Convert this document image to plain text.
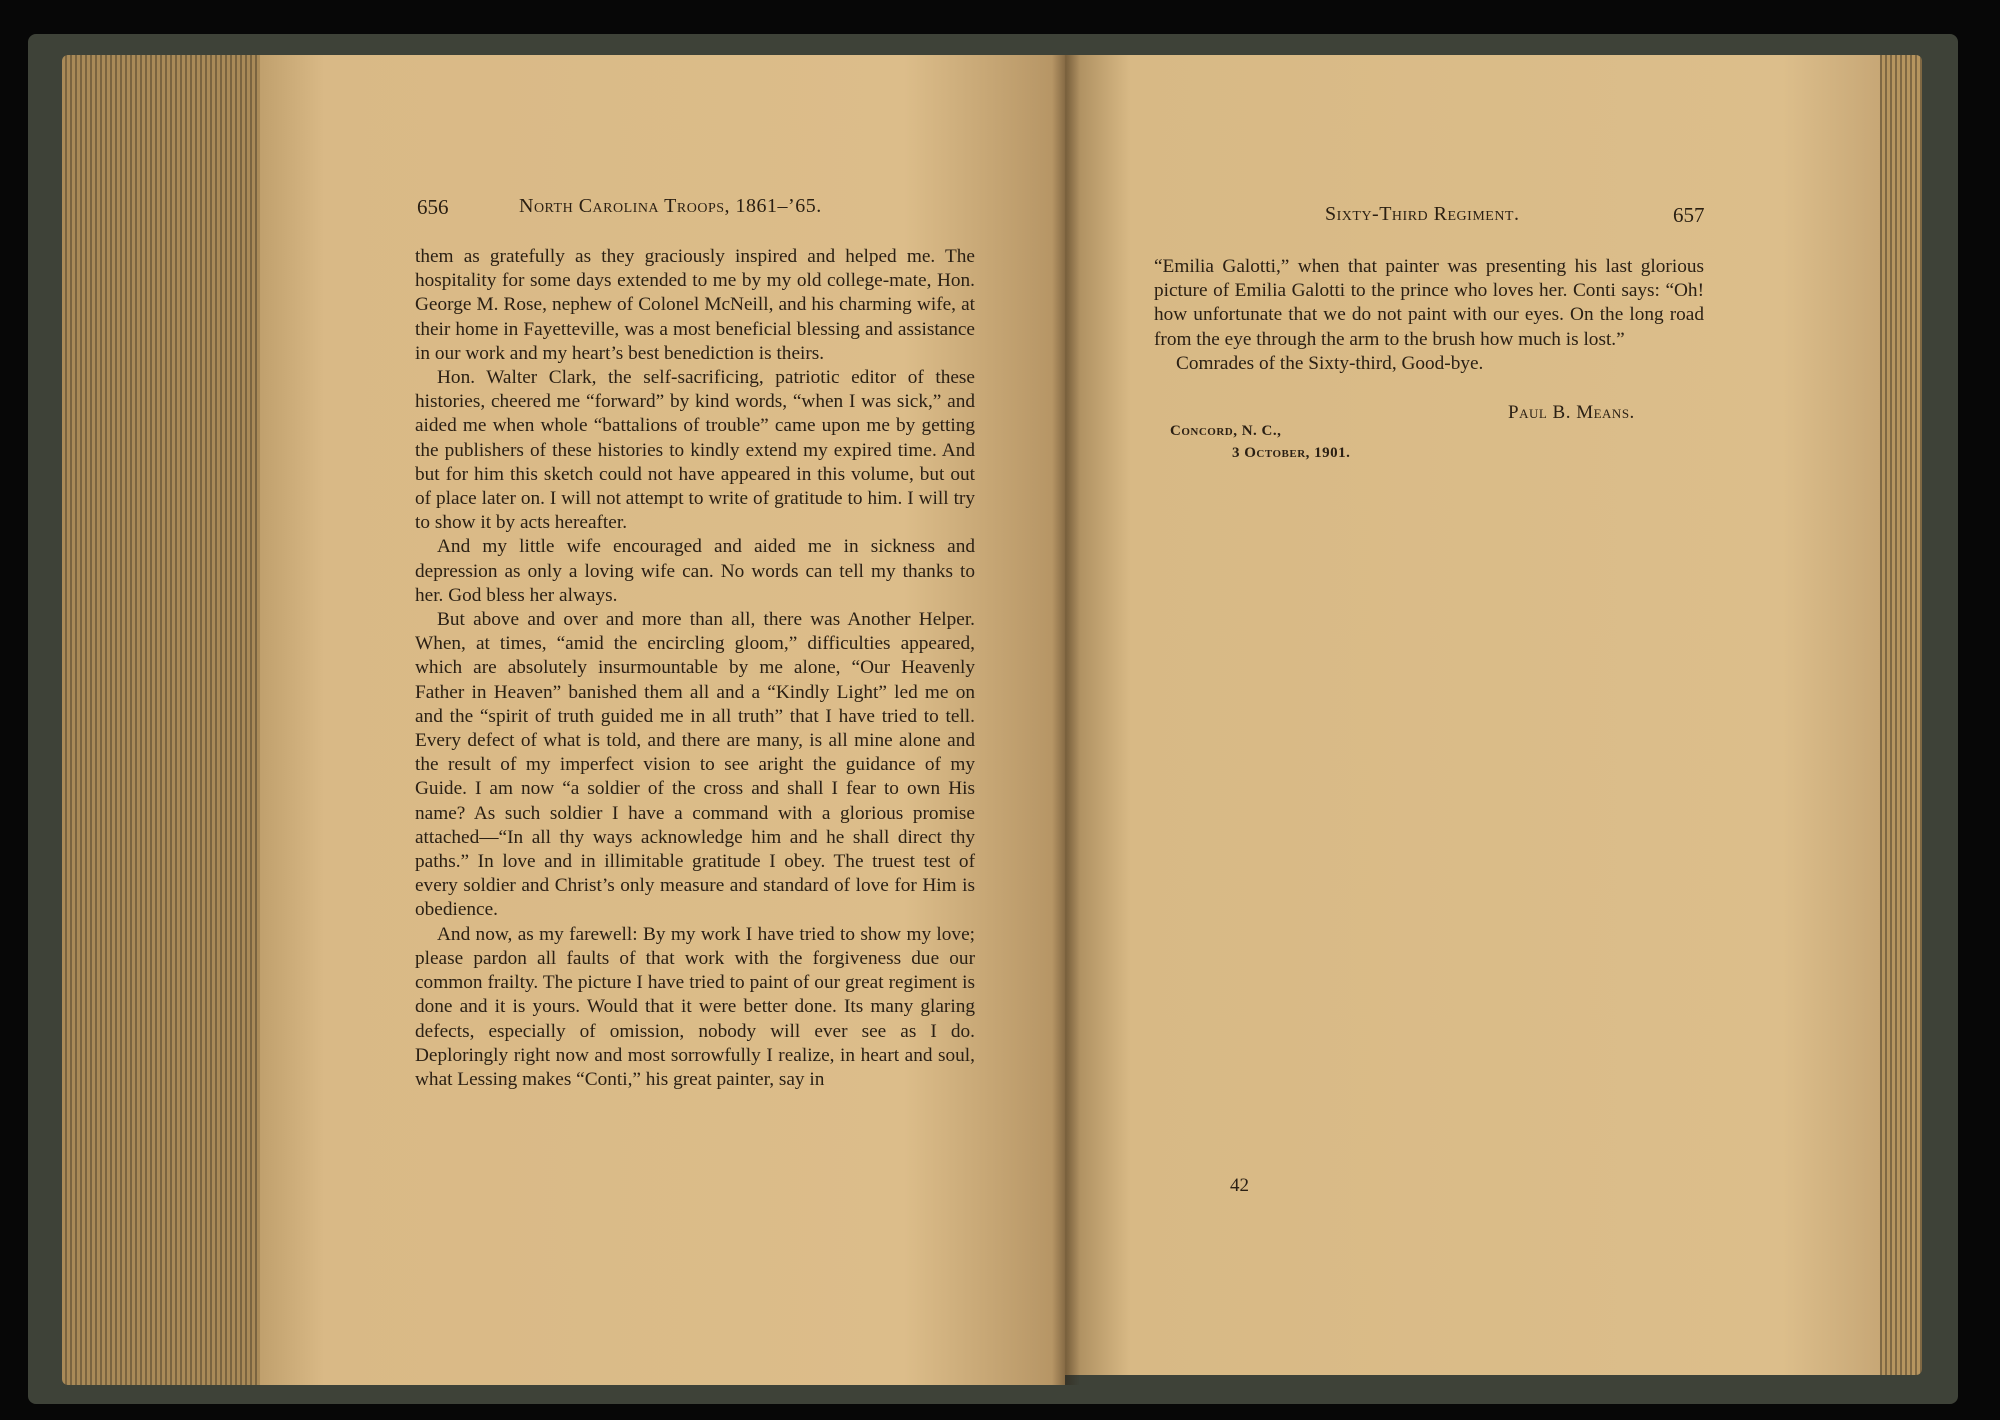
656	North Carolina Troops, 1861–’65.

them as gratefully as they graciously inspired and helped me. The hospitality for some days extended to me by my old college-mate, Hon. George M. Rose, nephew of Colonel McNeill, and his charming wife, at their home in Fayetteville, was a most beneficial blessing and assistance in our work and my heart’s best benediction is theirs.

Hon. Walter Clark, the self-sacrificing, patriotic editor of these histories, cheered me “forward” by kind words, “when I was sick,” and aided me when whole “battalions of trouble” came upon me by getting the publishers of these histories to kindly extend my expired time. And but for him this sketch could not have appeared in this volume, but out of place later on. I will not attempt to write of gratitude to him. I will try to show it by acts hereafter.

And my little wife encouraged and aided me in sickness and depression as only a loving wife can. No words can tell my thanks to her. God bless her always.

But above and over and more than all, there was Another Helper. When, at times, “amid the encircling gloom,” difficulties appeared, which are absolutely insurmountable by me alone, “Our Heavenly Father in Heaven” banished them all and a “Kindly Light” led me on and the “spirit of truth guided me in all truth” that I have tried to tell. Every defect of what is told, and there are many, is all mine alone and the result of my imperfect vision to see aright the guidance of my Guide. I am now “a soldier of the cross and shall I fear to own His name? As such soldier I have a command with a glorious promise attached—“In all thy ways acknowledge him and he shall direct thy paths.” In love and in illimitable gratitude I obey. The truest test of every soldier and Christ’s only measure and standard of love for Him is obedience.

And now, as my farewell: By my work I have tried to show my love; please pardon all faults of that work with the forgiveness due our common frailty. The picture I have tried to paint of our great regiment is done and it is yours. Would that it were better done. Its many glaring defects, especially of omission, nobody will ever see as I do. Deploringly right now and most sorrowfully I realize, in heart and soul, what Lessing makes “Conti,” his great painter, say in

Sixty-Third Regiment.	657

“Emilia Galotti,” when that painter was presenting his last glorious picture of Emilia Galotti to the prince who loves her. Conti says: “Oh! how unfortunate that we do not paint with our eyes. On the long road from the eye through the arm to the brush how much is lost.”

Comrades of the Sixty-third, Good-bye.

Paul B. Means.
Concord, N. C.,
3 October, 1901.
42
